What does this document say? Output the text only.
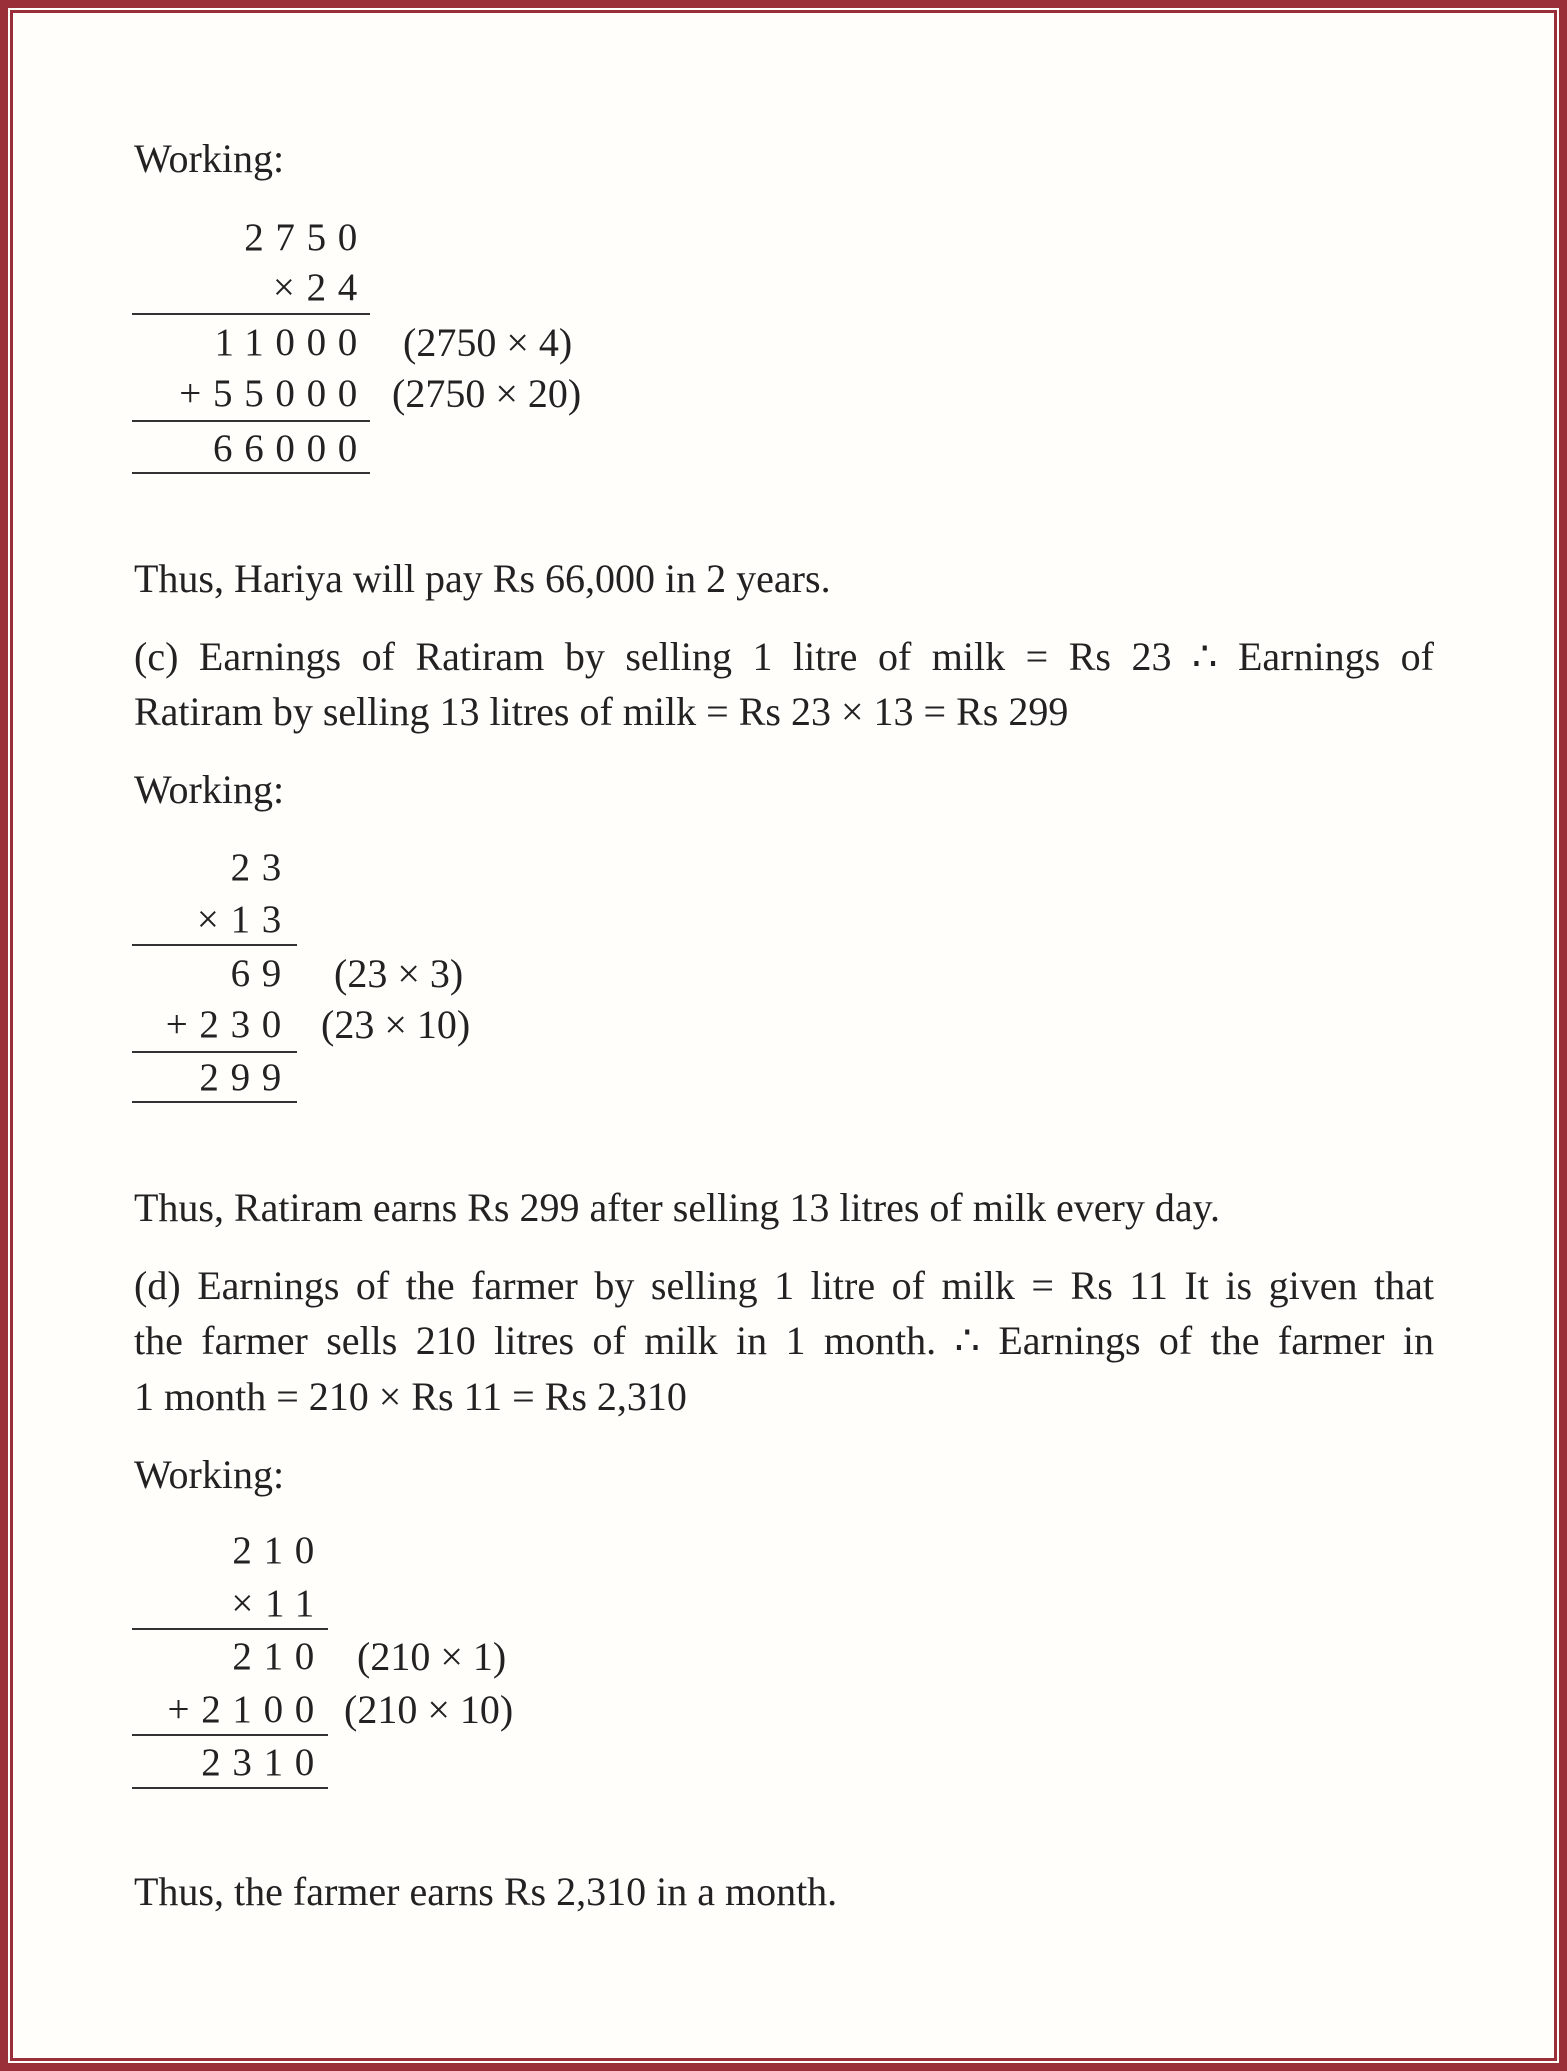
Working:
2750
×24
11000 (2750 × 4)
+55000 (2750 × 20)
66000
Thus, Hariya will pay Rs 66,000 in 2 years.
(c) Earnings of Ratiram by selling 1 litre of milk = Rs 23 ∴ Earnings of
Ratiram by selling 13 litres of milk = Rs 23 × 13 = Rs 299
Working:
23
×13
69 (23 × 3)
+230 (23 × 10)
299
Thus, Ratiram earns Rs 299 after selling 13 litres of milk every day.
(d) Earnings of the farmer by selling 1 litre of milk = Rs 11 It is given that
the farmer sells 210 litres of milk in 1 month. ∴ Earnings of the farmer in
1 month = 210 × Rs 11 = Rs 2,310
Working:
210
×11
210 (210 × 1)
+2100 (210 × 10)
2310
Thus, the farmer earns Rs 2,310 in a month.
